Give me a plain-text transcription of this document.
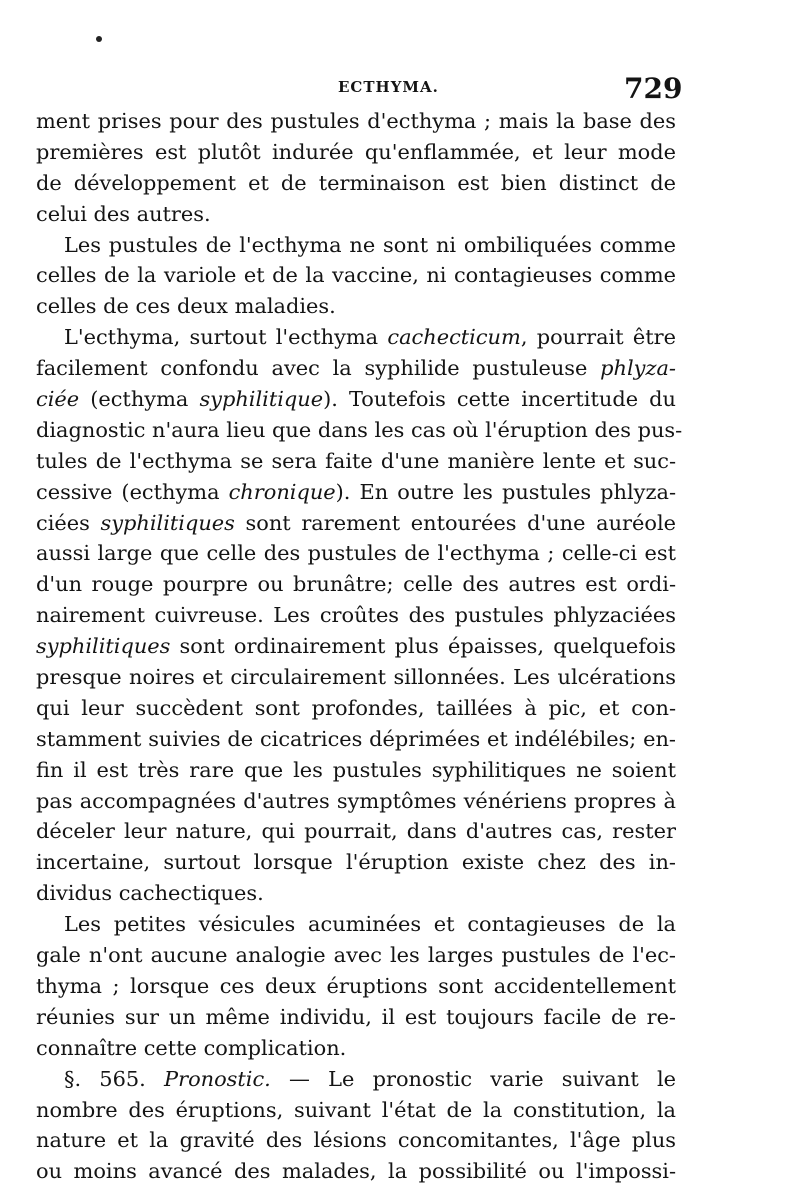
ECTHYMA.	729
ment prises pour des pustules d'ecthyma ; mais la base des
premières est plutôt indurée qu'enflammée, et leur mode
de développement et de terminaison est bien distinct de
celui des autres.
Les pustules de l'ecthyma ne sont ni ombiliquées comme
celles de la variole et de la vaccine, ni contagieuses comme
celles de ces deux maladies.
L'ecthyma, surtout l'ecthyma cachecticum, pourrait être
facilement confondu avec la syphilide pustuleuse phlyza-
ciée (ecthyma syphilitique). Toutefois cette incertitude du
diagnostic n'aura lieu que dans les cas où l'éruption des pus-
tules de l'ecthyma se sera faite d'une manière lente et suc-
cessive (ecthyma chronique). En outre les pustules phlyza-
ciées syphilitiques sont rarement entourées d'une auréole
aussi large que celle des pustules de l'ecthyma ; celle-ci est
d'un rouge pourpre ou brunâtre; celle des autres est ordi-
nairement cuivreuse. Les croûtes des pustules phlyzaciées
syphilitiques sont ordinairement plus épaisses, quelquefois
presque noires et circulairement sillonnées. Les ulcérations
qui leur succèdent sont profondes, taillées à pic, et con-
stamment suivies de cicatrices déprimées et indélébiles; en-
fin il est très rare que les pustules syphilitiques ne soient
pas accompagnées d'autres symptômes vénériens propres à
déceler leur nature, qui pourrait, dans d'autres cas, rester
incertaine, surtout lorsque l'éruption existe chez des in-
dividus cachectiques.
Les petites vésicules acuminées et contagieuses de la
gale n'ont aucune analogie avec les larges pustules de l'ec-
thyma ; lorsque ces deux éruptions sont accidentellement
réunies sur un même individu, il est toujours facile de re-
connaître cette complication.
§. 565. Pronostic. — Le pronostic varie suivant le
nombre des éruptions, suivant l'état de la constitution, la
nature et la gravité des lésions concomitantes, l'âge plus
ou moins avancé des malades, la possibilité ou l'impossi-
